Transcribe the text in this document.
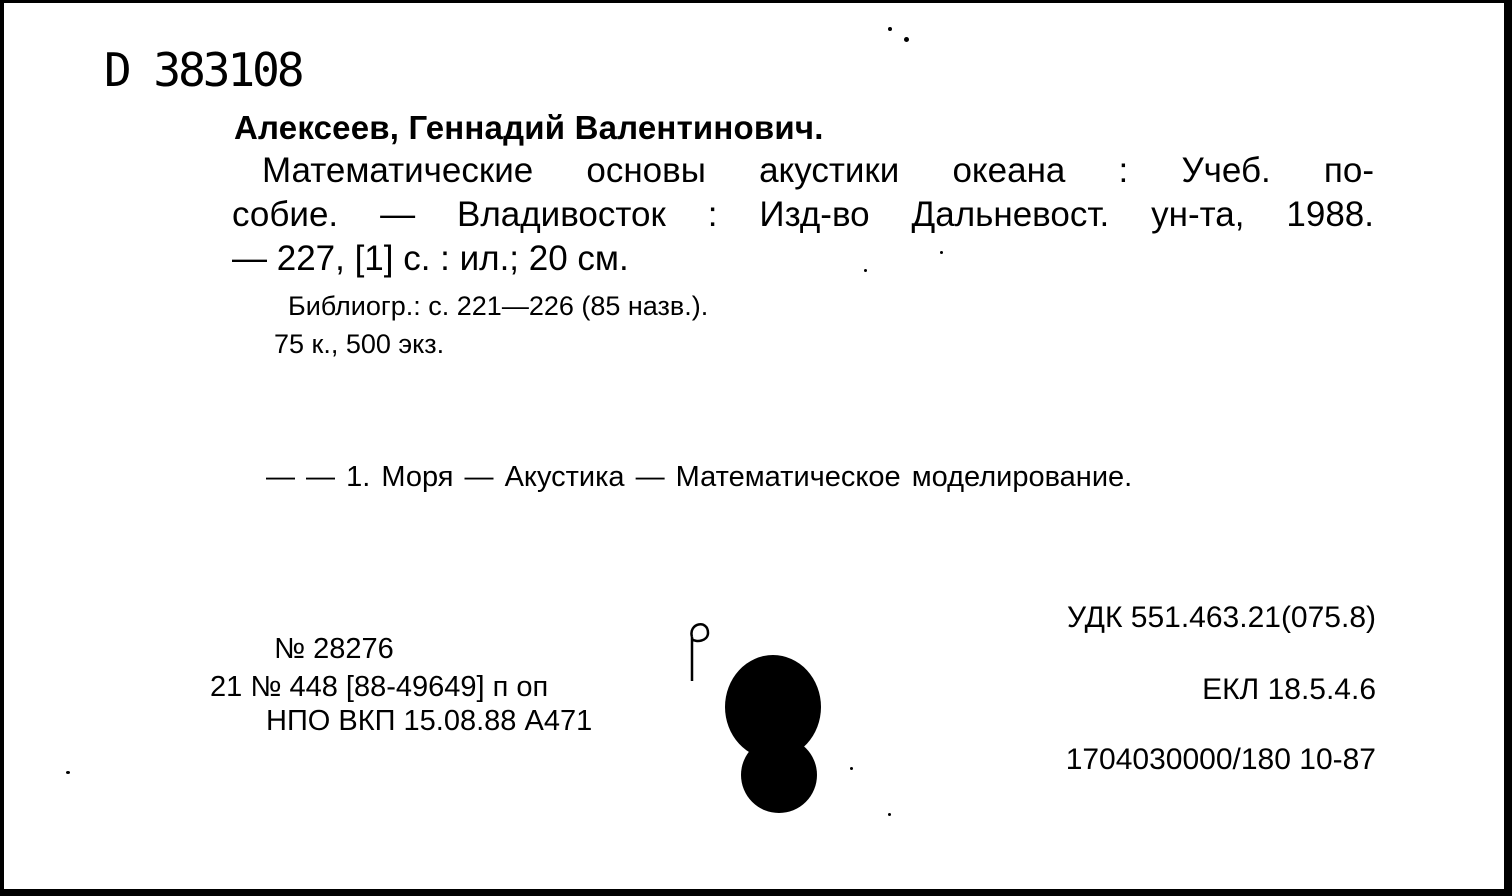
D 383108
Алексеев, Геннадий Валентинович.
Математические основы акустики океана : Учеб. по-
собие. — Владивосток : Изд-во Дальневост. ун-та, 1988.
— 227, [1] с. : ил.; 20 см.
Библиогр.: с. 221—226 (85 назв.).
75 к., 500 экз.
— — 1. Моря — Акустика — Математическое моделирование.
№ 28276
21 № 448 [88-49649] п оп
НПО ВКП 15.08.88 А471
УДК 551.463.21(075.8)
ЕКЛ 18.5.4.6
1704030000/180 10-87
